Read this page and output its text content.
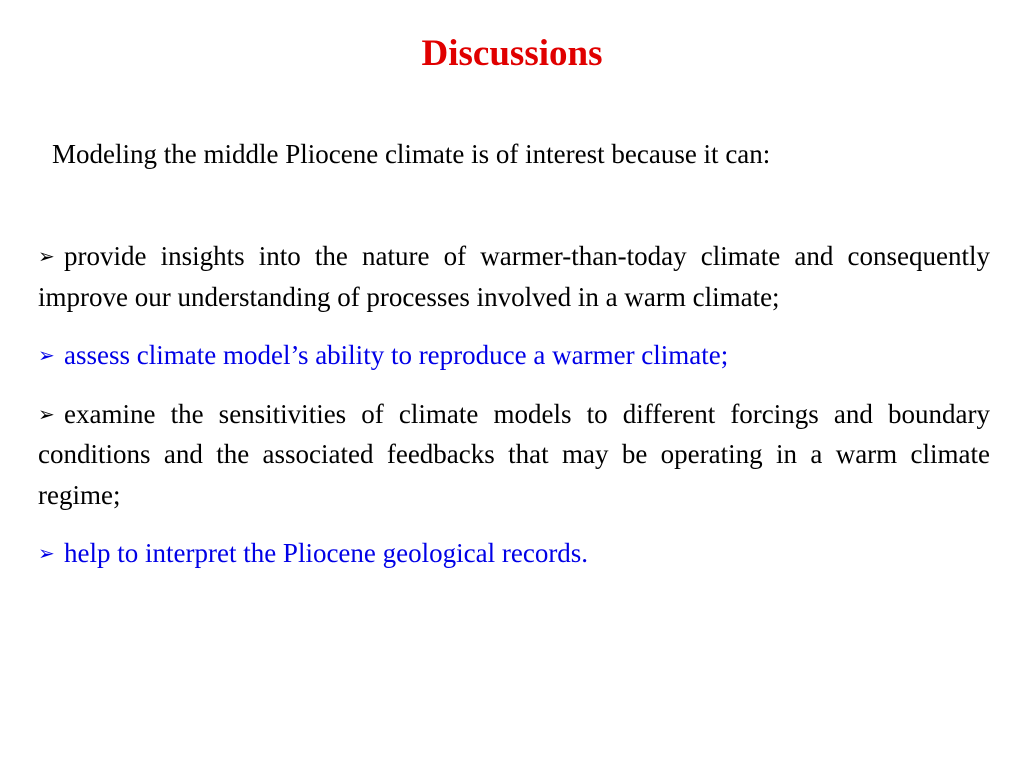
Discussions
Modeling the middle Pliocene climate is of interest because it can:
➢ provide insights into the nature of warmer-than-today climate and consequently improve our understanding of processes involved in a warm climate;
➢ assess climate model’s ability to reproduce a warmer climate;
➢ examine the sensitivities of climate models to different forcings and boundary conditions and the associated feedbacks that may be operating in a warm climate regime;
➢ help to interpret the Pliocene geological records.
